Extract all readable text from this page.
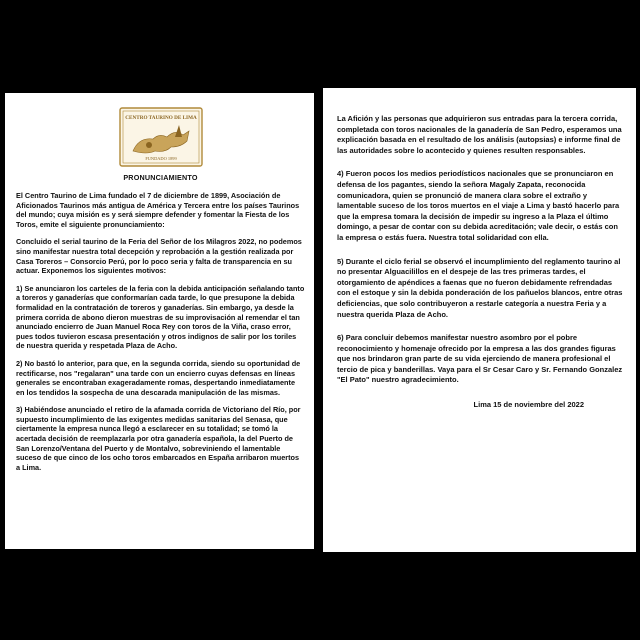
CENTRO TAURINO DE LIMA
FUNDADO 1899
PRONUNCIAMIENTO

El Centro Taurino de Lima fundado el 7 de diciembre de 1899, Asociación de Aficionados Taurinos más antigua de América y Tercera entre los países Taurinos del mundo; cuya misión es y será siempre defender y fomentar la Fiesta de los Toros, emite el siguiente pronunciamiento:

Concluido el serial taurino de la Feria del Señor de los Milagros 2022, no podemos sino manifestar nuestra total decepción y reprobación a la gestión realizada por Casa Toreros – Consorcio Perú, por lo poco seria y falta de transparencia en su actuar. Exponemos los siguientes motivos:

1) Se anunciaron los carteles de la feria con la debida anticipación señalando tanto a toreros y ganaderías que conformarían cada tarde, lo que presupone la debida formalidad en la contratación de toreros y ganaderías. Sin embargo, ya desde la primera corrida de abono dieron muestras de su improvisación al remendar el tan anunciado encierro de Juan Manuel Roca Rey con toros de la Viña, craso error, pues todos tuvieron escasa presentación y otros indignos de salir por los toriles de nuestra querida y respetada Plaza de Acho.

2) No bastó lo anterior, para que, en la segunda corrida, siendo su oportunidad de rectificarse, nos "regalaran" una tarde con un encierro cuyas defensas en líneas generales se encontraban exageradamente romas, despertando inmediatamente en los tendidos la sospecha de una descarada manipulación de las mismas.

3) Habiéndose anunciado el retiro de la afamada corrida de Victoriano del Río, por supuesto incumplimiento de las exigentes medidas sanitarias del Senasa, que ciertamente la empresa nunca llegó a esclarecer en su totalidad; se tomó la acertada decisión de reemplazarla por otra ganadería española, la del Puerto de San Lorenzo/Ventana del Puerto y de Montalvo, sobreviniendo el lamentable suceso de que cinco de los ocho toros embarcados en España arribaron muertos a Lima.

La Afición y las personas que adquirieron sus entradas para la tercera corrida, completada con toros nacionales de la ganadería de San Pedro, esperamos una explicación basada en el resultado de los análisis (autopsias) e informe final de las autoridades sobre lo acontecido y quienes resulten responsables.

4) Fueron pocos los medios periodísticos nacionales que se pronunciaron en defensa de los pagantes, siendo la señora Magaly Zapata, reconocida comunicadora, quien se pronunció de manera clara sobre el extraño y lamentable suceso de los toros muertos en el viaje a Lima y bastó hacerlo para que la empresa tomara la decisión de impedir su ingreso a la Plaza el último domingo, a pesar de contar con su debida acreditación; vale decir, o estás con la empresa o estás fuera. Nuestra total solidaridad con ella.

5) Durante el ciclo ferial se observó el incumplimiento del reglamento taurino al no presentar Alguacilillos en el despeje de las tres primeras tardes, el otorgamiento de apéndices a faenas que no fueron debidamente refrendadas con el estoque y sin la debida ponderación de los pañuelos blancos, entre otras deficiencias, que solo contribuyeron a restarle categoría a nuestra Feria y a nuestra querida Plaza de Acho.

6) Para concluir debemos manifestar nuestro asombro por el pobre reconocimiento y homenaje ofrecido por la empresa a las dos grandes figuras que nos brindaron gran parte de su vida ejerciendo de manera profesional el tercio de pica y banderillas. Vaya para el Sr Cesar Caro y Sr. Fernando Gonzalez "El Pato" nuestro agradecimiento.

Lima 15 de noviembre del 2022
